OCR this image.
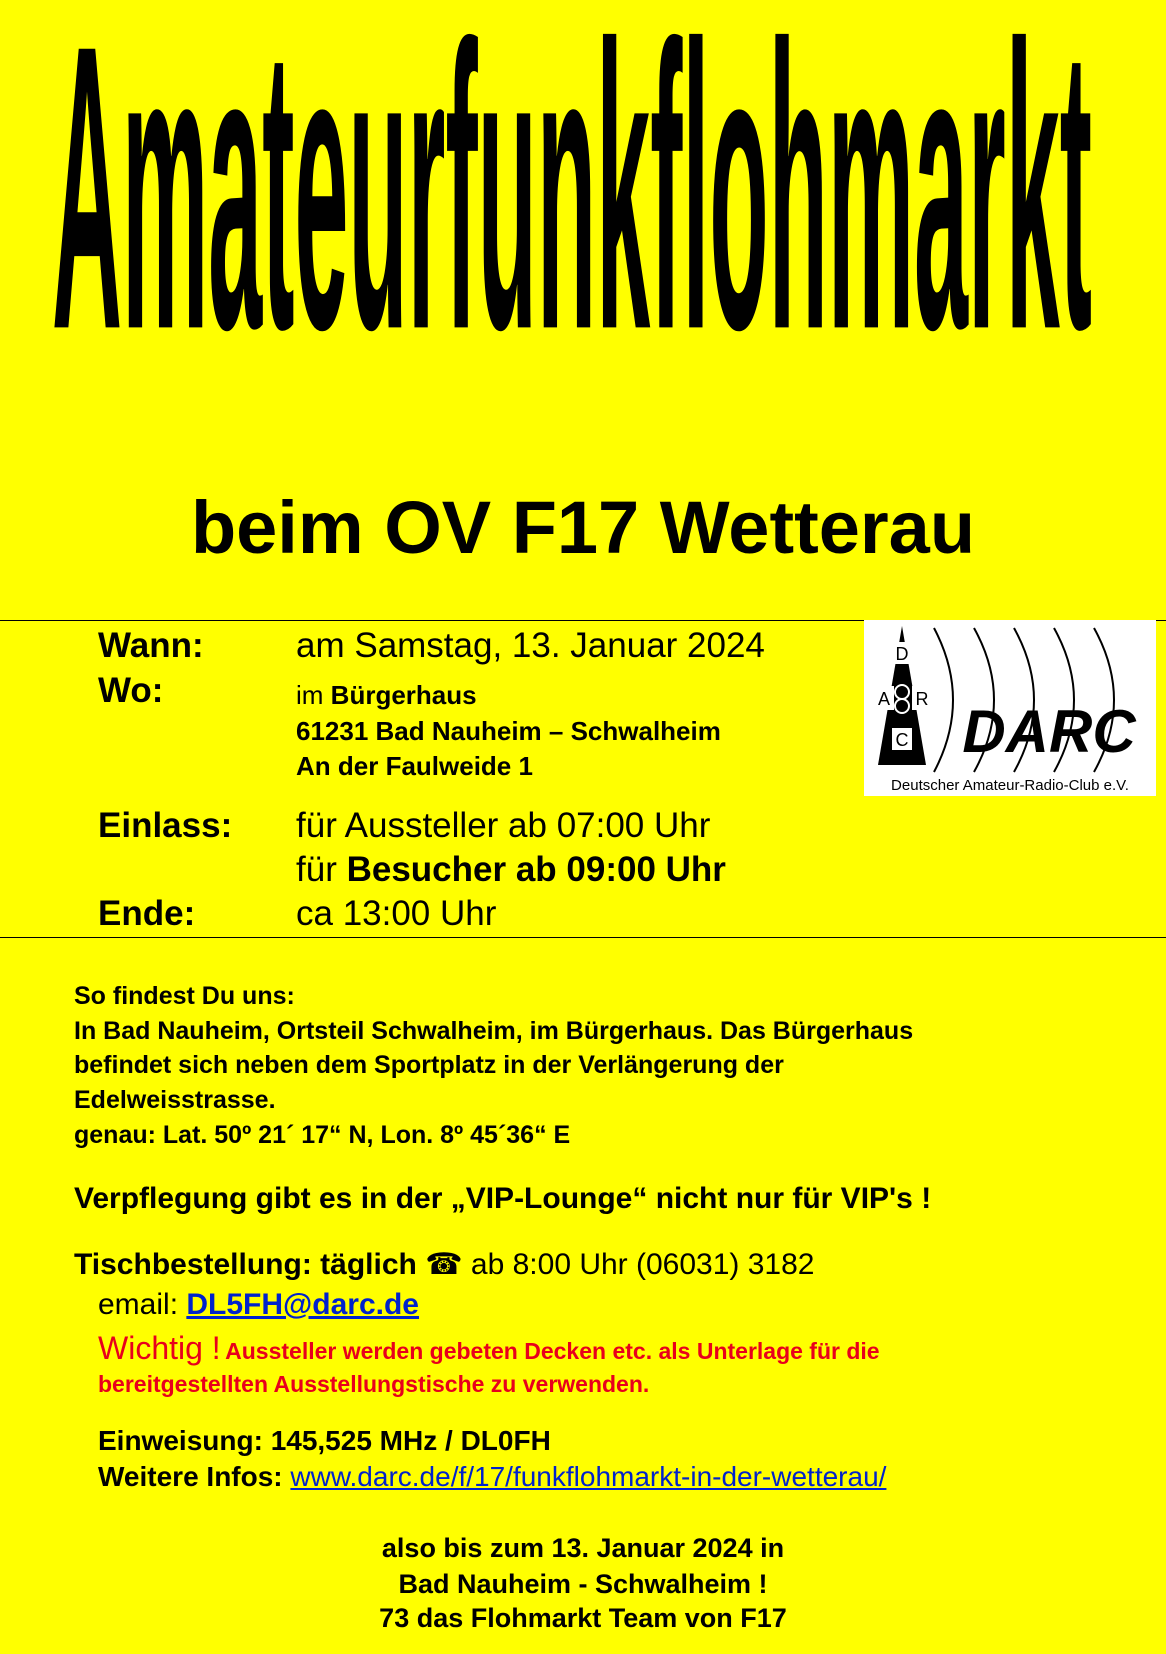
Amateurfunkflohmarkt
beim OV F17 Wetterau
Wann:	am Samstag, 13. Januar 2024
Wo:	im Bürgerhaus
61231 Bad Nauheim – Schwalheim
An der Faulweide 1
Einlass: für Aussteller ab 07:00 Uhr
für Besucher ab 09:00 Uhr
Ende:	ca 13:00 Uhr
D
A R
C DARC
Deutscher Amateur-Radio-Club e.V.
So findest Du uns:
In Bad Nauheim, Ortsteil Schwalheim, im Bürgerhaus. Das Bürgerhaus
befindet sich neben dem Sportplatz in der Verlängerung der
Edelweisstrasse.
genau: Lat. 50º 21´ 17“ N, Lon. 8º 45´36“ E
Verpflegung gibt es in der „VIP-Lounge“ nicht nur für VIP's !
Tischbestellung: täglich ☎ ab 8:00 Uhr (06031) 3182
email: DL5FH@darc.de
Wichtig ! Aussteller werden gebeten Decken etc. als Unterlage für die
bereitgestellten Ausstellungstische zu verwenden.
Einweisung: 145,525 MHz / DL0FH
Weitere Infos: www.darc.de/f/17/funkflohmarkt-in-der-wetterau/
also bis zum 13. Januar 2024 in
Bad Nauheim - Schwalheim !
73 das Flohmarkt Team von F17
